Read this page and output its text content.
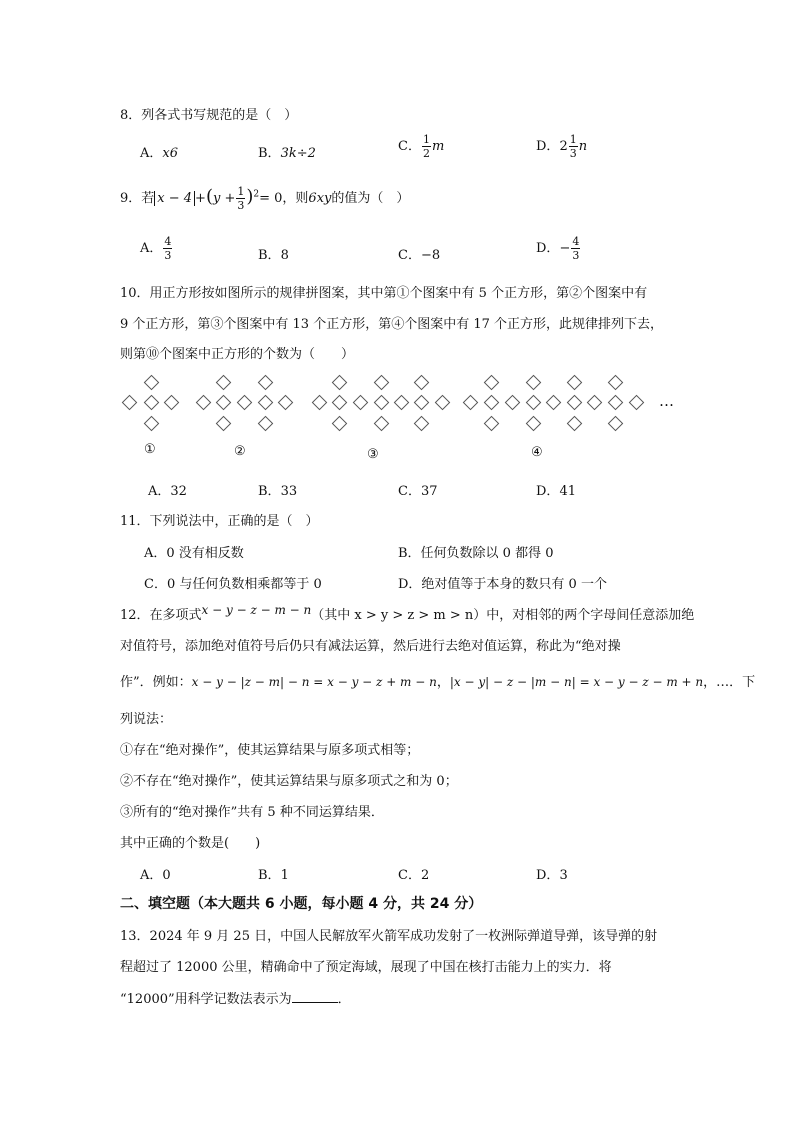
8．列各式书写规范的是（　）
A．x6	B．3k÷2	C． $\frac{1}{2}$ m	D．$2 \frac{1}{3}$ n
9．若 $x - 4 +(y + \frac{1}{3} )^2= 0$，则6xy的值为（　）
A． $\frac{4}{3}$	B．8	C．−8	D．− $\frac{4}{3}$
10．用正方形按如图所示的规律拼图案，其中第①个图案中有 5 个正方形，第②个图案中有
9 个正方形，第③个图案中有 13 个正方形，第④个图案中有 17 个正方形，此规律排列下去，
则第⑩个图案中正方形的个数为（　　）
①	②	③	④
…
A．32	B．33	C．37	D．41
11．下列说法中，正确的是（　）
A．0 没有相反数	B．任何负数除以 0 都得 0
C．0 与任何负数相乘都等于 0	D．绝对值等于本身的数只有 0 一个
12．在多项式x − y − z − m − n（其中 x > y > z > m > n）中，对相邻的两个字母间任意添加绝
对值符号，添加绝对值符号后仍只有减法运算，然后进行去绝对值运算，称此为“绝对操
作”．例如：x − y − |z − m| − n = x − y − z + m − n，|x − y| − z − |m − n| = x − y − z − m + n，…．下
列说法：
①存在“绝对操作”，使其运算结果与原多项式相等；
②不存在“绝对操作”，使其运算结果与原多项式之和为 0；
③所有的“绝对操作”共有 5 种不同运算结果．
其中正确的个数是(　　)
A．0	B．1	C．2	D．3
二、填空题（本大题共 6 小题，每小题 4 分，共 24 分）
13．2024 年 9 月 25 日，中国人民解放军火箭军成功发射了一枚洲际弹道导弹，该导弹的射
程超过了 12000 公里，精确命中了预定海域，展现了中国在核打击能力上的实力．将
“12000”用科学记数法表示为	．
